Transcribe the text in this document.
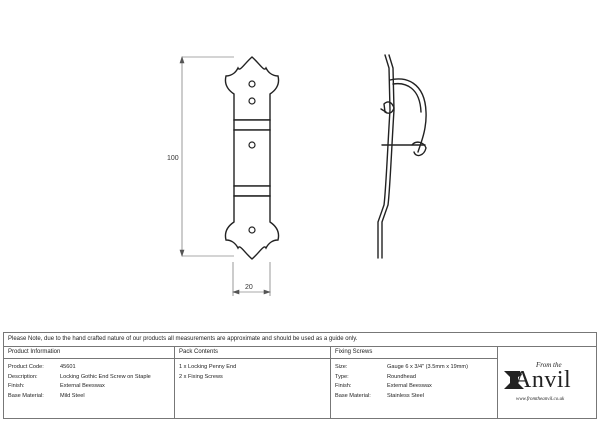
100
20
Please Note, due to the hand crafted nature of our products all measurements are approximate and should be used as a guide only.
Product Information
Product Code:	45601
Description:	Locking Gothic End Screw on Staple
Finish:	External Beeswax
Base Material:	Mild Steel
Pack Contents
1 x Locking Penny End
2 x Fixing Screws
Fixing Screws
Size:	Gauge 6 x 3/4" (3.5mm x 19mm)
Type:	Roundhead
Finish:	External Beeswax
Base Material:	Stainless Steel
From the
Anvil
www.fromtheanvil.co.uk
